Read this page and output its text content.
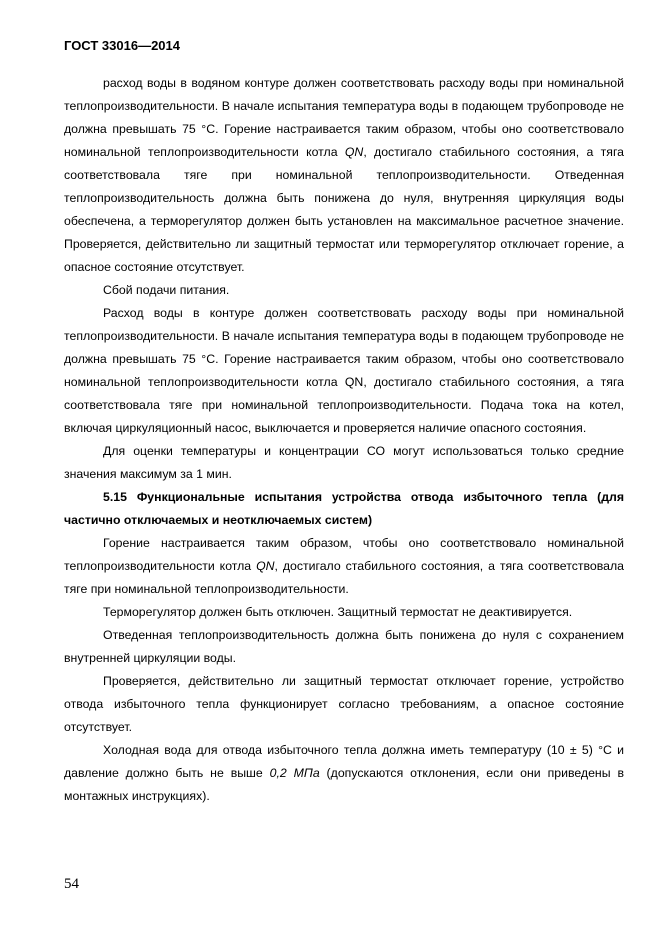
ГОСТ 33016—2014

расход воды в водяном контуре должен соответствовать расходу воды при номинальной теплопроизводительности. В начале испытания температура воды в подающем трубопроводе не должна превышать 75 °С. Горение настраивается таким образом, чтобы оно соответствовало номинальной теплопроизводительности котла QN, достигало стабильного состояния, а тяга соответствовала тяге при номинальной теплопроизводительности. Отведенная теплопроизводительность должна быть понижена до нуля, внутренняя циркуляция воды обеспечена, а терморегулятор должен быть установлен на максимальное расчетное значение. Проверяется, действительно ли защитный термостат или терморегулятор отключает горение, а опасное состояние отсутствует.

Сбой подачи питания.

Расход воды в контуре должен соответствовать расходу воды при номинальной теплопроизводительности. В начале испытания температура воды в подающем трубопроводе не должна превышать 75 °С. Горение настраивается таким образом, чтобы оно соответствовало номинальной теплопроизводительности котла QN, достигало стабильного состояния, а тяга соответствовала тяге при номинальной теплопроизводительности. Подача тока на котел, включая циркуляционный насос, выключается и проверяется наличие опасного состояния.

Для оценки температуры и концентрации СО могут использоваться только средние значения максимум за 1 мин.

5.15 Функциональные испытания устройства отвода избыточного тепла (для частично отключаемых и неотключаемых систем)

Горение настраивается таким образом, чтобы оно соответствовало номинальной теплопроизводительности котла QN, достигало стабильного состояния, а тяга соответствовала тяге при номинальной теплопроизводительности.

Терморегулятор должен быть отключен. Защитный термостат не деактивируется.

Отведенная теплопроизводительность должна быть понижена до нуля с сохранением внутренней циркуляции воды.

Проверяется, действительно ли защитный термостат отключает горение, устройство отвода избыточного тепла функционирует согласно требованиям, а опасное состояние отсутствует.

Холодная вода для отвода избыточного тепла должна иметь температуру (10 ± 5) °С и давление должно быть не выше 0,2 МПа (допускаются отклонения, если они приведены в монтажных инструкциях).

54
